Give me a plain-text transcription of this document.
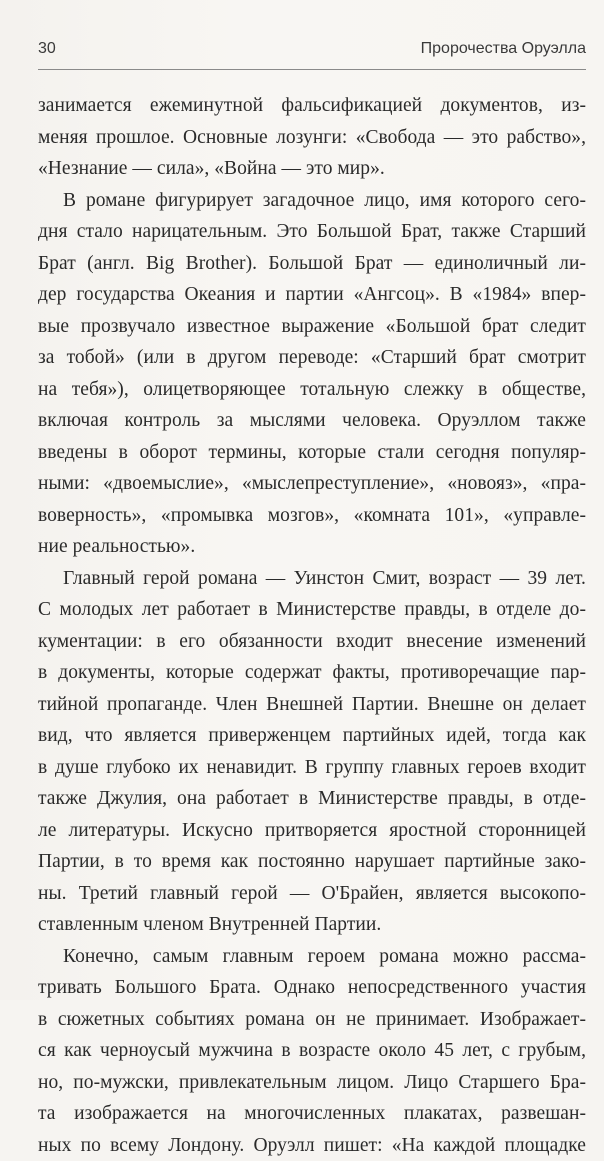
30	Пророчества Оруэлла
занимается ежеминутной фальсификацией документов, из-
меняя прошлое. Основные лозунги: «Свобода — это рабство»,
«Незнание — сила», «Война — это мир».
В романе фигурирует загадочное лицо, имя которого сего-
дня стало нарицательным. Это Большой Брат, также Старший
Брат (англ. Big Brother). Большой Брат — единоличный ли-
дер государства Океания и партии «Ангсоц». В «1984» впер-
вые прозвучало известное выражение «Большой брат следит
за тобой» (или в другом переводе: «Старший брат смотрит
на тебя»), олицетворяющее тотальную слежку в обществе,
включая контроль за мыслями человека. Оруэллом также
введены в оборот термины, которые стали сегодня популяр-
ными: «двоемыслие», «мыслепреступление», «новояз», «пра-
воверность», «промывка мозгов», «комната 101», «управле-
ние реальностью».
Главный герой романа — Уинстон Смит, возраст — 39 лет.
С молодых лет работает в Министерстве правды, в отделе до-
кументации: в его обязанности входит внесение изменений
в документы, которые содержат факты, противоречащие пар-
тийной пропаганде. Член Внешней Партии. Внешне он делает
вид, что является приверженцем партийных идей, тогда как
в душе глубоко их ненавидит. В группу главных героев входит
также Джулия, она работает в Министерстве правды, в отде-
ле литературы. Искусно притворяется яростной сторонницей
Партии, в то время как постоянно нарушает партийные зако-
ны. Третий главный герой — О'Брайен, является высокопо-
ставленным членом Внутренней Партии.
Конечно, самым главным героем романа можно рассма-
тривать Большого Брата. Однако непосредственного участия
в сюжетных событиях романа он не принимает. Изображает-
ся как черноусый мужчина в возрасте около 45 лет, с грубым,
но, по-мужски, привлекательным лицом. Лицо Старшего Бра-
та изображается на многочисленных плакатах, развешан-
ных по всему Лондону. Оруэлл пишет: «На каждой площадке
